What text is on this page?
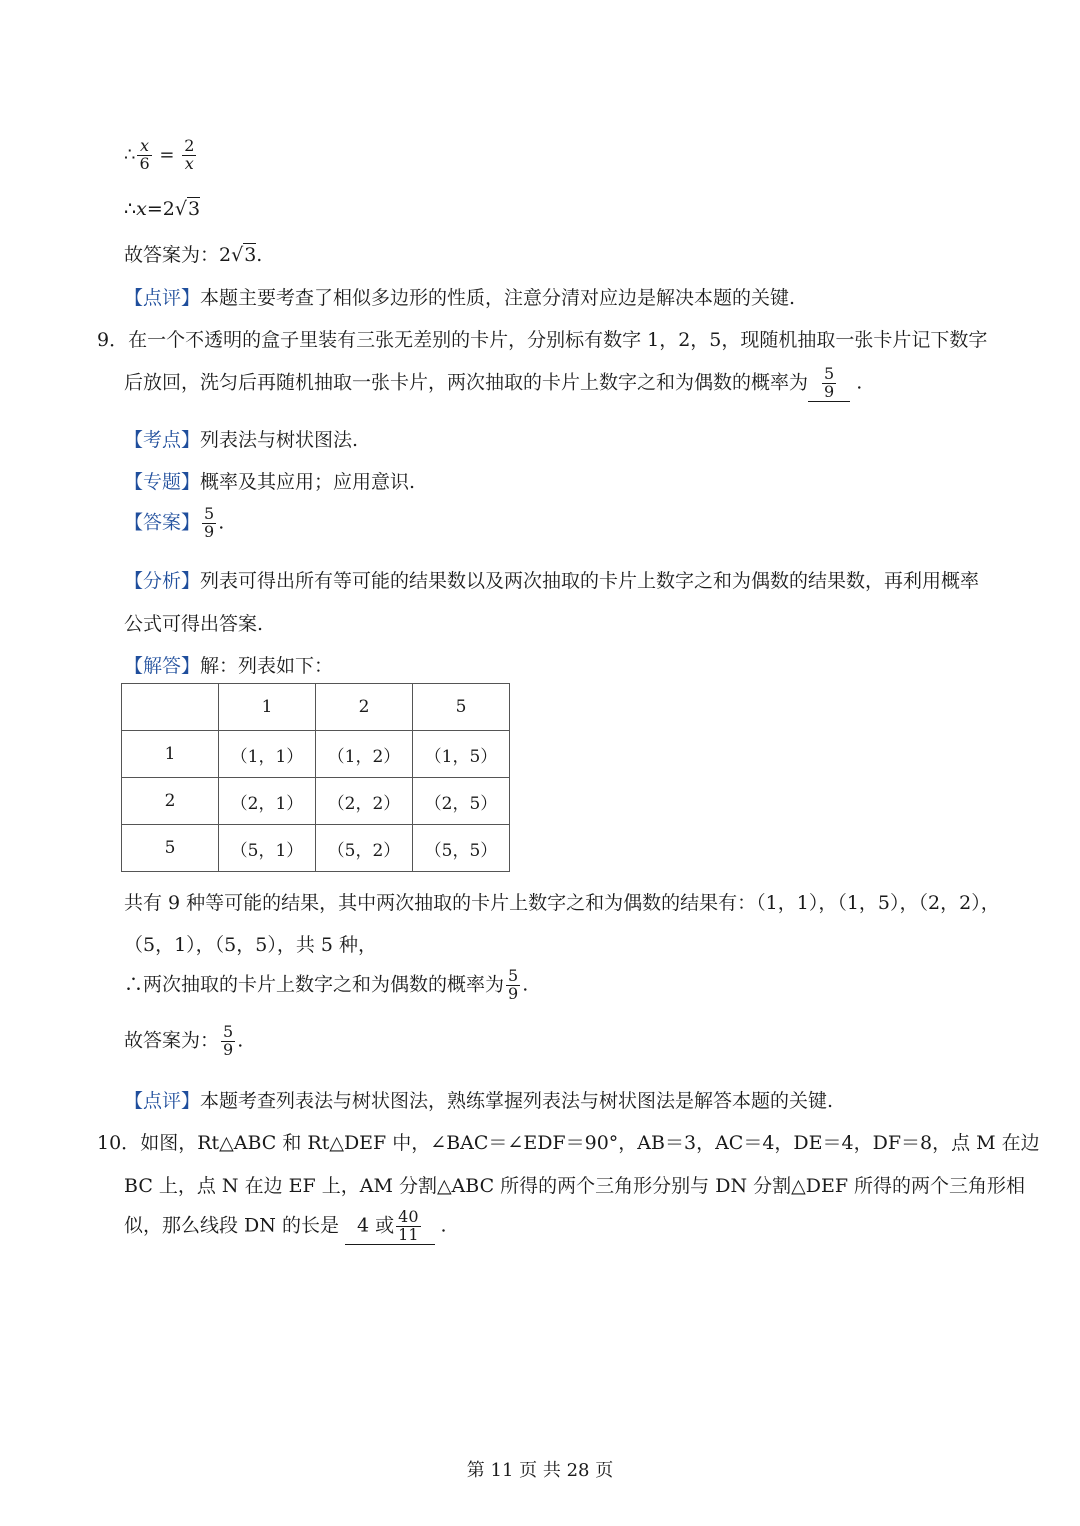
∴ $\frac{x}{6} = \frac{2}{x}$
∴x=2√3
故答案为：2√3.
【点评】本题主要考查了相似多边形的性质，注意分清对应边是解决本题的关键.
9．在一个不透明的盒子里装有三张无差别的卡片，分别标有数字 1，2，5，现随机抽取一张卡片记下数字
后放回，洗匀后再随机抽取一张卡片，两次抽取的卡片上数字之和为偶数的概率为 $\frac{5}{9}$ .
【考点】列表法与树状图法.
【专题】概率及其应用；应用意识.
【答案】 $\frac{5}{9}$ .
【分析】列表可得出所有等可能的结果数以及两次抽取的卡片上数字之和为偶数的结果数，再利用概率
公式可得出答案.
【解答】解：列表如下：
	1	2	5
1	（1，1）	（1，2）	（1，5）
2	（2，1）	（2，2）	（2，5）
5	（5，1）	（5，2）	（5，5）
共有 9 种等可能的结果，其中两次抽取的卡片上数字之和为偶数的结果有：（1，1），（1，5），（2，2），
（5，1），（5，5），共 5 种，
∴两次抽取的卡片上数字之和为偶数的概率为 $\frac{5}{9}$ .
故答案为： $\frac{5}{9}$ .
【点评】本题考查列表法与树状图法，熟练掌握列表法与树状图法是解答本题的关键.
10．如图，Rt△ABC 和 Rt△DEF 中，∠BAC＝∠EDF＝90°，AB＝3，AC＝4，DE＝4，DF＝8，点 M 在边
BC 上，点 N 在边 EF 上，AM 分割△ABC 所得的两个三角形分别与 DN 分割△DEF 所得的两个三角形相
似，那么线段 DN 的长是 4 或 $\frac{40}{11}$ .
第 11 页 共 28 页
